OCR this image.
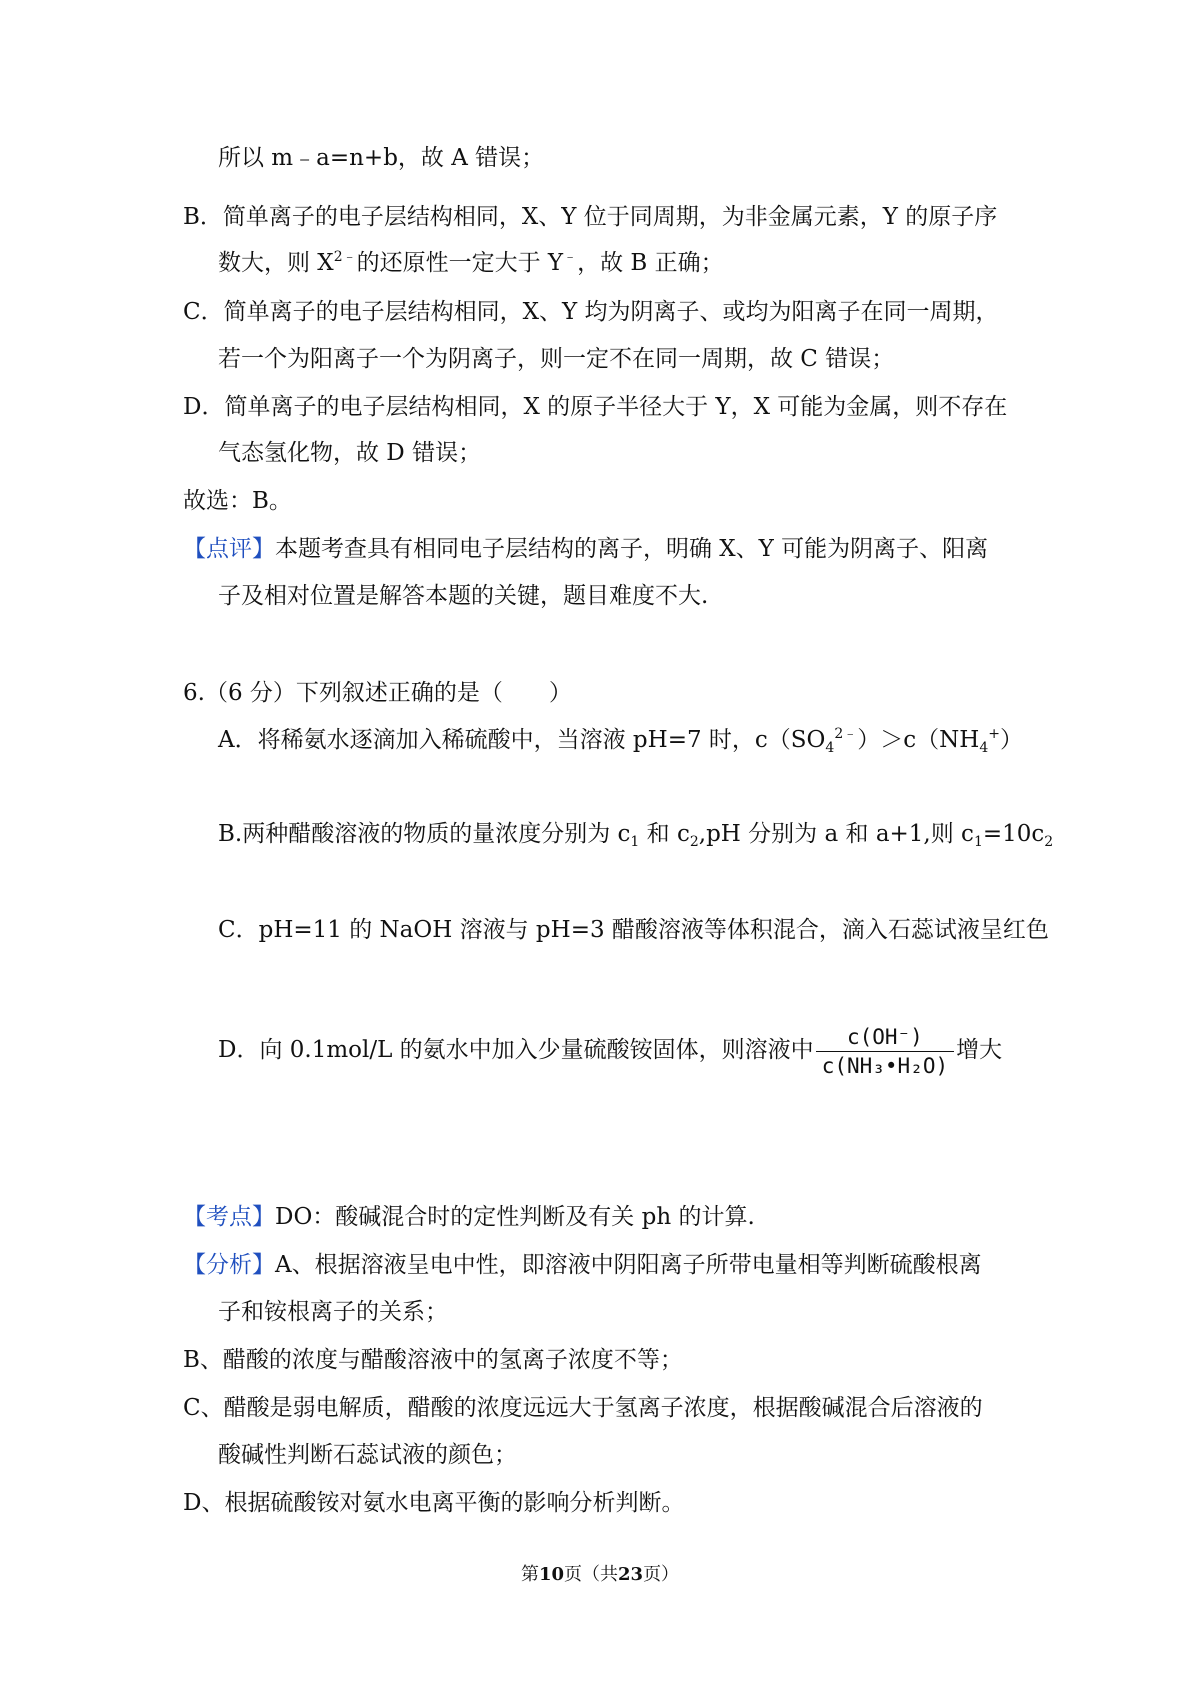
所以 m﹣a=n+b，故 A 错误；
B．简单离子的电子层结构相同，X、Y 位于同周期，为非金属元素，Y 的原子序
数大，则 $X^{2﹣}$的还原性一定大于 Y﹣，故 B 正确；
C．简单离子的电子层结构相同，X、Y 均为阴离子、或均为阳离子在同一周期，
若一个为阳离子一个为阴离子，则一定不在同一周期，故 C 错误；
D．简单离子的电子层结构相同，X 的原子半径大于 Y，X 可能为金属，则不存在
气态氢化物，故 D 错误；
故选：B。
【点评】本题考查具有相同电子层结构的离子，明确 X、Y 可能为阴离子、阳离
子及相对位置是解答本题的关键，题目难度不大.
6.（6 分）下列叙述正确的是（　　）
A．将稀氨水逐滴加入稀硫酸中，当溶液 pH=7 时，$c(SO_4^{2﹣})>c(NH_4^+)$
B.两种醋酸溶液的物质的量浓度分别为 $c_1$ 和 $c_2,pH$ 分别为 a 和 a+1,则 $c_1=10c_2$
C．pH=11 的 NaOH 溶液与 pH=3 醋酸溶液等体积混合，滴入石蕊试液呈红色
D．向 0.1mol/L 的氨水中加入少量硫酸铵固体，则溶液中 $\frac{c(OH^-)}{\text{c(NH₃•H₂O)}}$ 增大
【考点】DO：酸碱混合时的定性判断及有关 ph 的计算.
【分析】A、根据溶液呈电中性，即溶液中阴阳离子所带电量相等判断硫酸根离
子和铵根离子的关系；
B、醋酸的浓度与醋酸溶液中的氢离子浓度不等；
C、醋酸是弱电解质，醋酸的浓度远远大于氢离子浓度，根据酸碱混合后溶液的
酸碱性判断石蕊试液的颜色；
D、根据硫酸铵对氨水电离平衡的影响分析判断。
第10页（共23页）
